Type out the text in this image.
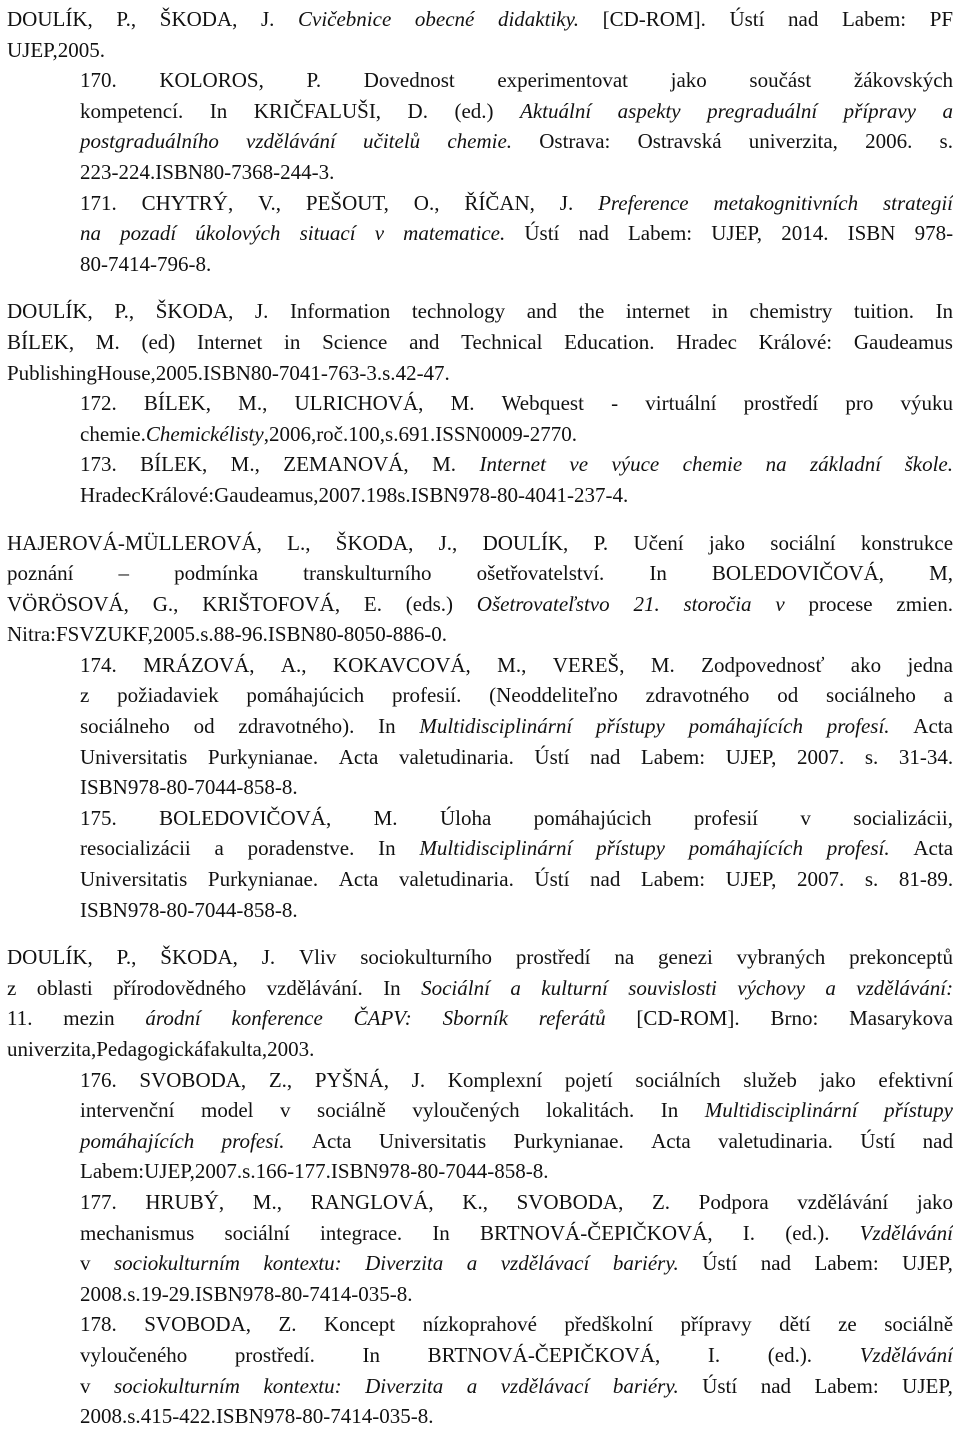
DOULÍK,
P.,
ŠKODA,
J.
Cvičebnice
obecné
didaktiky.
[CD-ROM].
Ústí
nad
Labem:
PF
UJEP, 2005.
170.
KOLOROS,
P.
Dovednost
experimentovat
jako
součást
žákovských
kompetencí.
In
KRIČFALUŠI,
D.
(ed.)
Aktuální
aspekty
pregraduální
přípravy
a
postgraduálního
vzdělávání
učitelů
chemie.
Ostrava:
Ostravská
univerzita,
2006.
s.
223-224. ISBN 80-7368-244-3.
171.
CHYTRÝ,
V.,
PEŠOUT,
O.,
ŘÍČAN,
J.
Preference
metakognitivních
strategií
na
pozadí
úkolových
situací
v
matematice.
Ústí
nad
Labem:
UJEP,
2014.
ISBN
978-
80-7414-796-8.
DOULÍK,
P.,
ŠKODA,
J.
Information
technology
and
the
internet
in
chemistry
tuition.
In
BÍLEK,
M.
(ed)
Internet
in
Science
and
Technical
Education.
Hradec
Králové:
Gaudeamus
Publishing House, 2005. ISBN 80-7041-763-3. s. 42-47.
172.
BÍLEK,
M.,
ULRICHOVÁ,
M.
Webquest
-
virtuální
prostředí
pro
výuku
chemie. Chemické listy , 2006, roč. 100, s. 691. ISSN 0009-2770.
173.
BÍLEK,
M.,
ZEMANOVÁ,
M.
Internet
ve
výuce
chemie
na
základní
škole.
Hradec Králové: Gaudeamus, 2007. 198 s. ISBN 978-80-4041-237-4.
HAJEROVÁ-MÜLLEROVÁ,
L.,
ŠKODA,
J.,
DOULÍK,
P.
Učení
jako
sociální
konstrukce
poznání
–
podmínka
transkulturního
ošetřovatelství.
In
BOLEDOVIČOVÁ,
M,
VÖRÖSOVÁ,
G.,
KRIŠTOFOVÁ,
E.
(eds.)
Ošetrovateľstvo
21.
storočia
v
procese
zmien.
Nitra: FSVZ UKF, 2005. s. 88-96. ISBN 80-8050-886-0.
174.
MRÁZOVÁ,
A.,
KOKAVCOVÁ,
M.,
VEREŠ,
M.
Zodpovednosť
ako
jedna
z
požiadaviek
pomáhajúcich
profesií.
(Neoddeliteľno
zdravotného
od
sociálneho
a
sociálneho
od
zdravotného).
In
Multidisciplinární
přístupy
pomáhajících
profesí.
Acta
Universitatis
Purkynianae.
Acta
valetudinaria.
Ústí
nad
Labem:
UJEP,
2007.
s.
31-34.
ISBN 978-80-7044-858-8.
175.
BOLEDOVIČOVÁ,
M.
Úloha
pomáhajúcich
profesií
v
socializácii,
resocializácii
a
poradenstve.
In
Multidisciplinární
přístupy
pomáhajících
profesí.
Acta
Universitatis
Purkynianae.
Acta
valetudinaria.
Ústí
nad
Labem:
UJEP,
2007.
s.
81-89.
ISBN 978-80-7044-858-8.
DOULÍK,
P.,
ŠKODA,
J.
Vliv
sociokulturního
prostředí
na
genezi
vybraných
prekonceptů
z
oblasti
přírodovědného
vzdělávání.
In
Sociální
a
kulturní
souvislosti
výchovy
a
vzdělávání:
11.
mezin
árodní
konference
ČAPV:
Sborník
referátů
[CD-ROM].
Brno:
Masarykova
univerzita, Pedagogická fakulta, 2003.
176.
SVOBODA,
Z.,
PYŠNÁ,
J.
Komplexní
pojetí
sociálních
služeb
jako
efektivní
intervenční
model
v
sociálně
vyloučených
lokalitách.
In
Multidisciplinární
přístupy
pomáhajících
profesí.
Acta
Universitatis
Purkynianae.
Acta
valetudinaria.
Ústí
nad
Labem: UJEP, 2007. s. 166-177. ISBN 978-80-7044-858-8.
177.
HRUBÝ,
M.,
RANGLOVÁ,
K.,
SVOBODA,
Z.
Podpora
vzdělávání
jako
mechanismus
sociální
integrace.
In
BRTNOVÁ-ČEPIČKOVÁ,
I.
(ed.).
Vzdělávání
v
sociokulturním
kontextu:
Diverzita
a
vzdělávací
bariéry.
Ústí
nad
Labem:
UJEP,
2008. s. 19-29. ISBN 978-80-7414-035-8.
178.
SVOBODA,
Z.
Koncept
nízkoprahové
předškolní
přípravy
dětí
ze
sociálně
vyloučeného
prostředí.
In
BRTNOVÁ-ČEPIČKOVÁ,
I.
(ed.).
Vzdělávání
v
sociokulturním
kontextu:
Diverzita
a
vzdělávací
bariéry.
Ústí
nad
Labem:
UJEP,
2008. s. 415-422. ISBN 978-80-7414-035-8.
